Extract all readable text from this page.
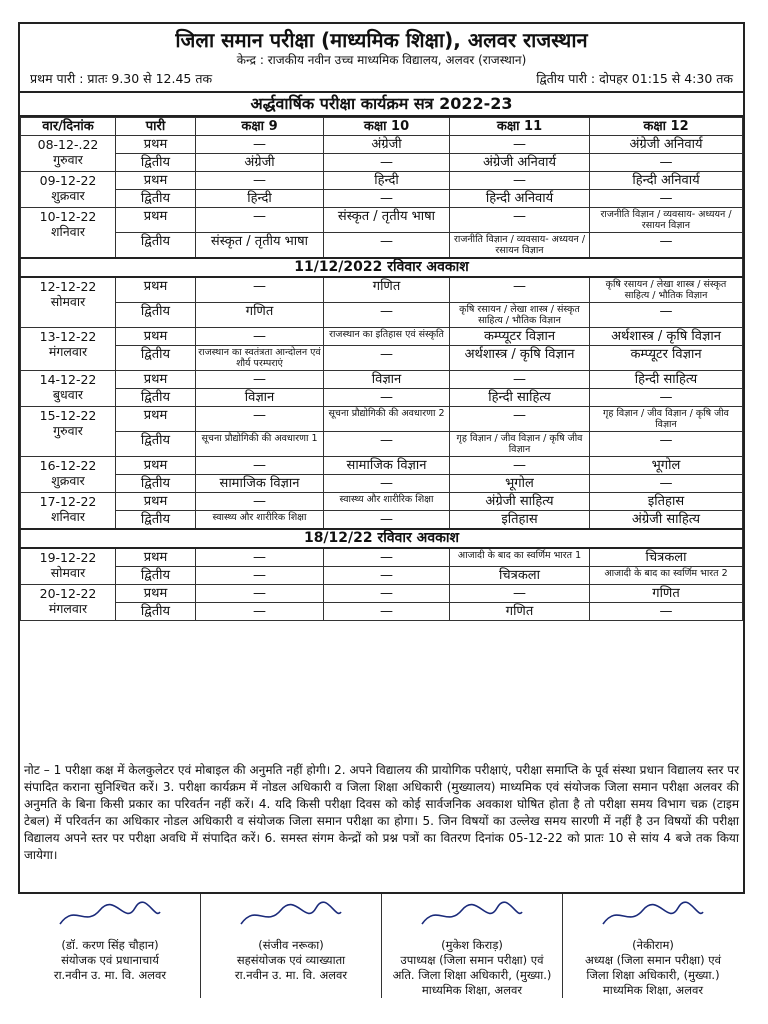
जिला समान परीक्षा (माध्यमिक शिक्षा), अलवर राजस्थान
केन्द्र : राजकीय नवीन उच्च माध्यमिक विद्यालय, अलवर (राजस्थान)
प्रथम पारी : प्रातः 9.30 से 12.45 तक	द्वितीय पारी : दोपहर 01:15 से 4:30 तक
अर्द्धवार्षिक परीक्षा कार्यक्रम सत्र 2022-23
वार/दिनांक	पारी	कक्षा 9	कक्षा 10	कक्षा 11	कक्षा 12

08-12-.22
गुरुवार	प्रथम	—	अंग्रेजी	—	अंग्रेजी अनिवार्य
	द्वितीय	अंग्रेजी	—	अंग्रेजी अनिवार्य	—

09-12-22
शुक्रवार	प्रथम	—	हिन्दी	—	हिन्दी अनिवार्य
	द्वितीय	हिन्दी	—	हिन्दी अनिवार्य	—

10-12-22
शनिवार	प्रथम	—	संस्कृत / तृतीय भाषा	—	राजनीति विज्ञान / व्यवसाय- अध्ययन / रसायन विज्ञान
	द्वितीय	संस्कृत / तृतीय भाषा	—	राजनीति विज्ञान / व्यवसाय- अध्ययन / रसायन विज्ञान	—
11/12/2022 रविवार अवकाश					

12-12-22
सोमवार	प्रथम	—	गणित	—	कृषि रसायन / लेखा शास्त्र / संस्कृत साहित्य / भौतिक विज्ञान
	द्वितीय	गणित	—	कृषि रसायन / लेखा शास्त्र / संस्कृत साहित्य / भौतिक विज्ञान	—

13-12-22
मंगलवार	प्रथम	—	राजस्थान का इतिहास एवं संस्कृति	कम्प्यूटर विज्ञान	अर्थशास्त्र / कृषि विज्ञान
	द्वितीय	राजस्थान का स्वतंत्रता आन्दोलन एवं शौर्य परम्पराएं	—	अर्थशास्त्र / कृषि विज्ञान	कम्प्यूटर विज्ञान

14-12-22
बुधवार	प्रथम	—	विज्ञान	—	हिन्दी साहित्य
	द्वितीय	विज्ञान	—	हिन्दी साहित्य	—

15-12-22
गुरुवार	प्रथम	—	सूचना प्रौद्योगिकी की अवधारणा 2	—	गृह विज्ञान / जीव विज्ञान / कृषि जीव विज्ञान
	द्वितीय	सूचना प्रौद्योगिकी की अवधारणा 1	—	गृह विज्ञान / जीव विज्ञान / कृषि जीव विज्ञान	—

16-12-22
शुक्रवार	प्रथम	—	सामाजिक विज्ञान	—	भूगोल
	द्वितीय	सामाजिक विज्ञान	—	भूगोल	—

17-12-22
शनिवार	प्रथम	—	स्वास्थ्य और शारीरिक शिक्षा	अंग्रेजी साहित्य	इतिहास
	द्वितीय	स्वास्थ्य और शारीरिक शिक्षा	—	इतिहास	अंग्रेजी साहित्य
18/12/22 रविवार अवकाश					

19-12-22
सोमवार	प्रथम	—	—	आजादी के बाद का स्वर्णिम भारत 1	चित्रकला
	द्वितीय	—	—	चित्रकला	आजादी के बाद का स्वर्णिम भारत 2

20-12-22
मंगलवार	प्रथम	—	—	—	गणित
	द्वितीय	—	—	गणित	—
नोट – 1 परीक्षा कक्ष में केलकुलेटर एवं मोबाइल की अनुमति नहीं होगी। 2. अपने विद्यालय की प्रायोगिक परीक्षाएं, परीक्षा समाप्ति के पूर्व संस्था प्रधान विद्यालय स्तर पर संपादित कराना सुनिश्चित करें। 3. परीक्षा कार्यक्रम में नोडल अधिकारी व जिला शिक्षा अधिकारी (मुख्यालय) माध्यमिक एवं संयोजक जिला समान परीक्षा अलवर की अनुमति के बिना किसी प्रकार का परिवर्तन नहीं करें। 4. यदि किसी परीक्षा दिवस को कोई सार्वजनिक अवकाश घोषित होता है तो परीक्षा समय विभाग चक्र (टाइम टेबल) में परिवर्तन का अधिकार नोडल अधिकारी व संयोजक जिला समान परीक्षा का होगा। 5. जिन विषयों का उल्लेख समय सारणी में नहीं है उन विषयों की परीक्षा विद्यालय अपने स्तर पर परीक्षा अवधि में संपादित करें। 6. समस्त संगम केन्द्रों को प्रश्न पत्रों का वितरण दिनांक 05-12-22 को प्रातः 10 से सांय 4 बजे तक किया जायेगा।
(डॉ. करण सिंह चौहान)
संयोजक एवं प्रधानाचार्य
रा.नवीन उ. मा. वि. अलवर
(संजीव नरूका)
सहसंयोजक एवं व्याख्याता
रा.नवीन उ. मा. वि. अलवर
(मुकेश किराड़)
उपाध्यक्ष (जिला समान परीक्षा) एवं
अति. जिला शिक्षा अधिकारी, (मुख्या.)
माध्यमिक शिक्षा, अलवर
(नेकीराम)
अध्यक्ष (जिला समान परीक्षा) एवं
जिला शिक्षा अधिकारी, (मुख्या.)
माध्यमिक शिक्षा, अलवर
